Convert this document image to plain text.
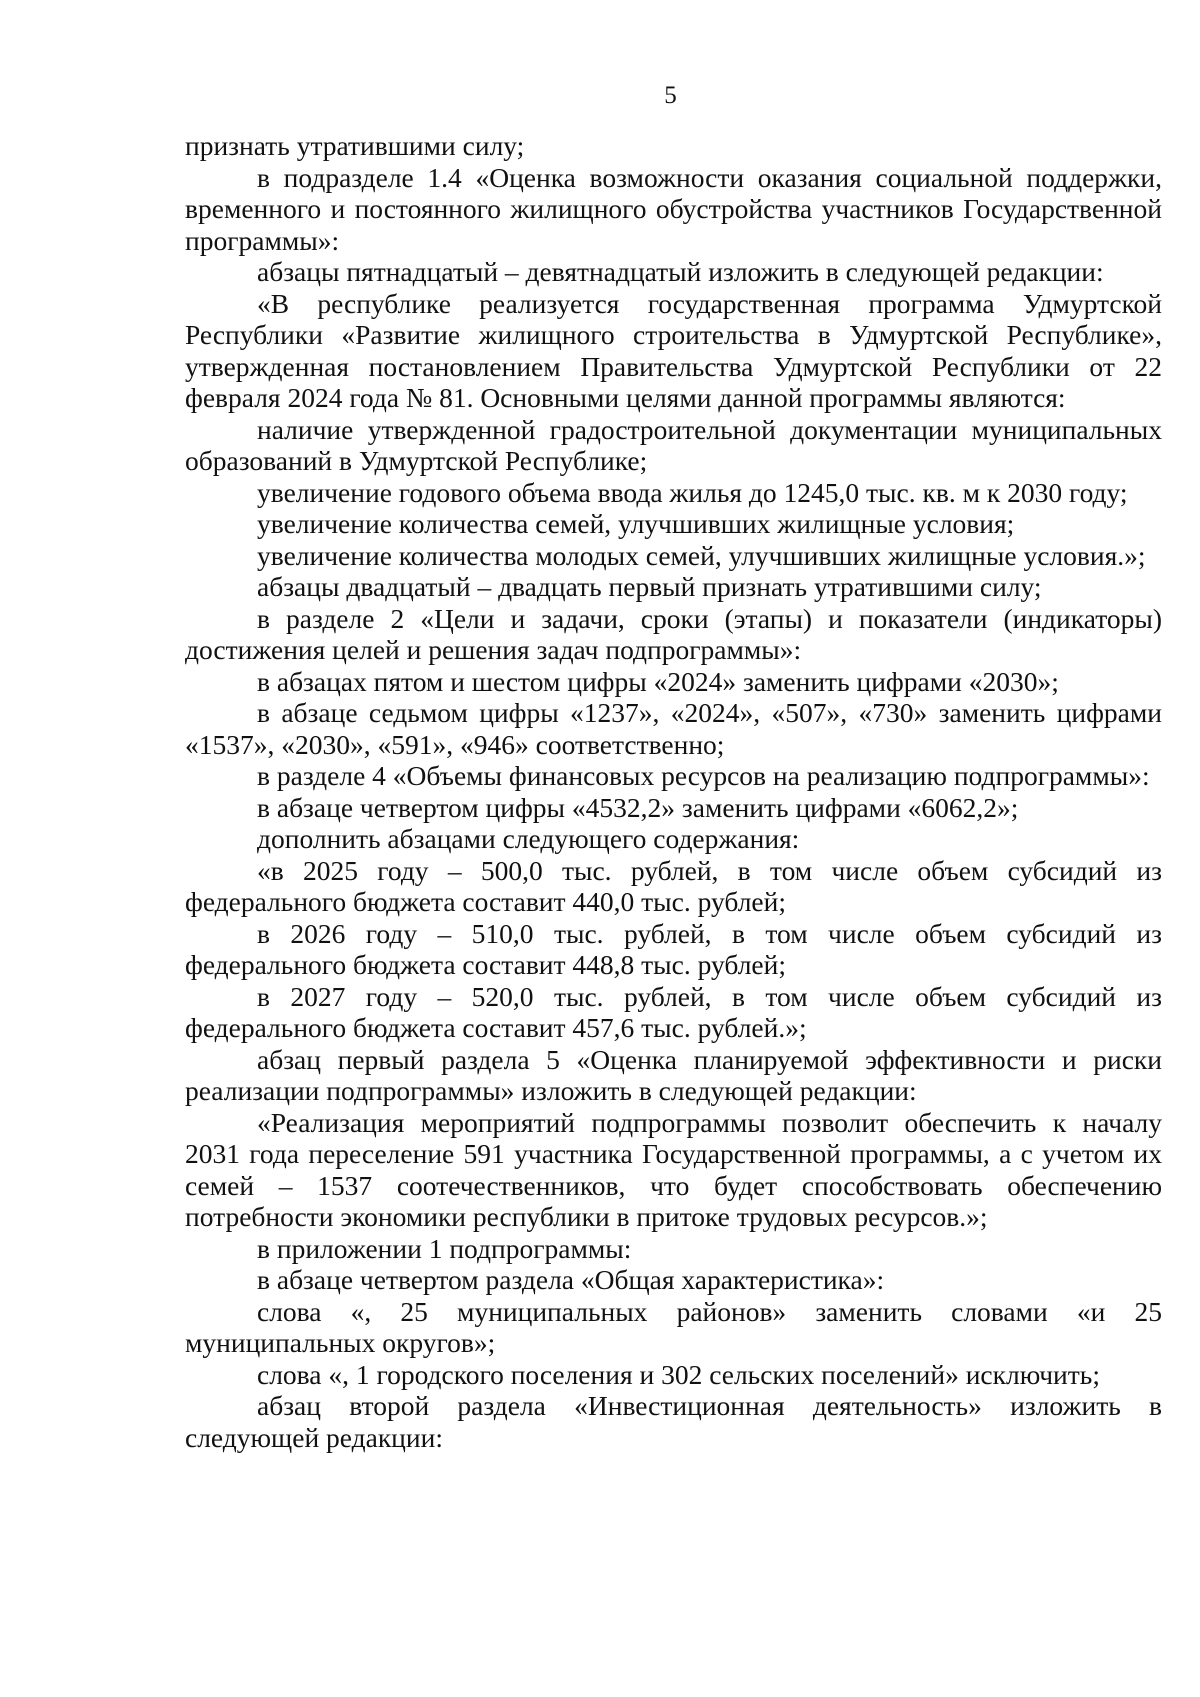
5

признать утратившими силу;

в подразделе 1.4 «Оценка возможности оказания социальной поддержки, временного и постоянного жилищного обустройства участников Государственной программы»:

абзацы пятнадцатый – девятнадцатый изложить в следующей редакции:

«В республике реализуется государственная программа Удмуртской Республики «Развитие жилищного строительства в Удмуртской Республике», утвержденная постановлением Правительства Удмуртской Республики от 22 февраля 2024 года № 81. Основными целями данной программы являются:

наличие утвержденной градостроительной документации муниципальных образований в Удмуртской Республике;

увеличение годового объема ввода жилья до 1245,0 тыс. кв. м к 2030 году;

увеличение количества семей, улучшивших жилищные условия;

увеличение количества молодых семей, улучшивших жилищные условия.»;

абзацы двадцатый – двадцать первый признать утратившими силу;

в разделе 2 «Цели и задачи, сроки (этапы) и показатели (индикаторы) достижения целей и решения задач подпрограммы»:

в абзацах пятом и шестом цифры «2024» заменить цифрами «2030»;

в абзаце седьмом цифры «1237», «2024», «507», «730» заменить цифрами «1537», «2030», «591», «946» соответственно;

в разделе 4 «Объемы финансовых ресурсов на реализацию подпрограммы»:

в абзаце четвертом цифры «4532,2» заменить цифрами «6062,2»;

дополнить абзацами следующего содержания:

«в 2025 году – 500,0 тыс. рублей, в том числе объем субсидий из федерального бюджета составит 440,0 тыс. рублей;

в 2026 году – 510,0 тыс. рублей, в том числе объем субсидий из федерального бюджета составит 448,8 тыс. рублей;

в 2027 году – 520,0 тыс. рублей, в том числе объем субсидий из федерального бюджета составит 457,6 тыс. рублей.»;

абзац первый раздела 5 «Оценка планируемой эффективности и риски реализации подпрограммы» изложить в следующей редакции:

«Реализация мероприятий подпрограммы позволит обеспечить к началу 2031 года переселение 591 участника Государственной программы, а с учетом их семей – 1537 соотечественников, что будет способствовать обеспечению потребности экономики республики в притоке трудовых ресурсов.»;

в приложении 1 подпрограммы:

в абзаце четвертом раздела «Общая характеристика»:

слова «, 25 муниципальных районов» заменить словами «и 25 муниципальных округов»;

слова «, 1 городского поселения и 302 сельских поселений» исключить;

абзац второй раздела «Инвестиционная деятельность» изложить в следующей редакции:
